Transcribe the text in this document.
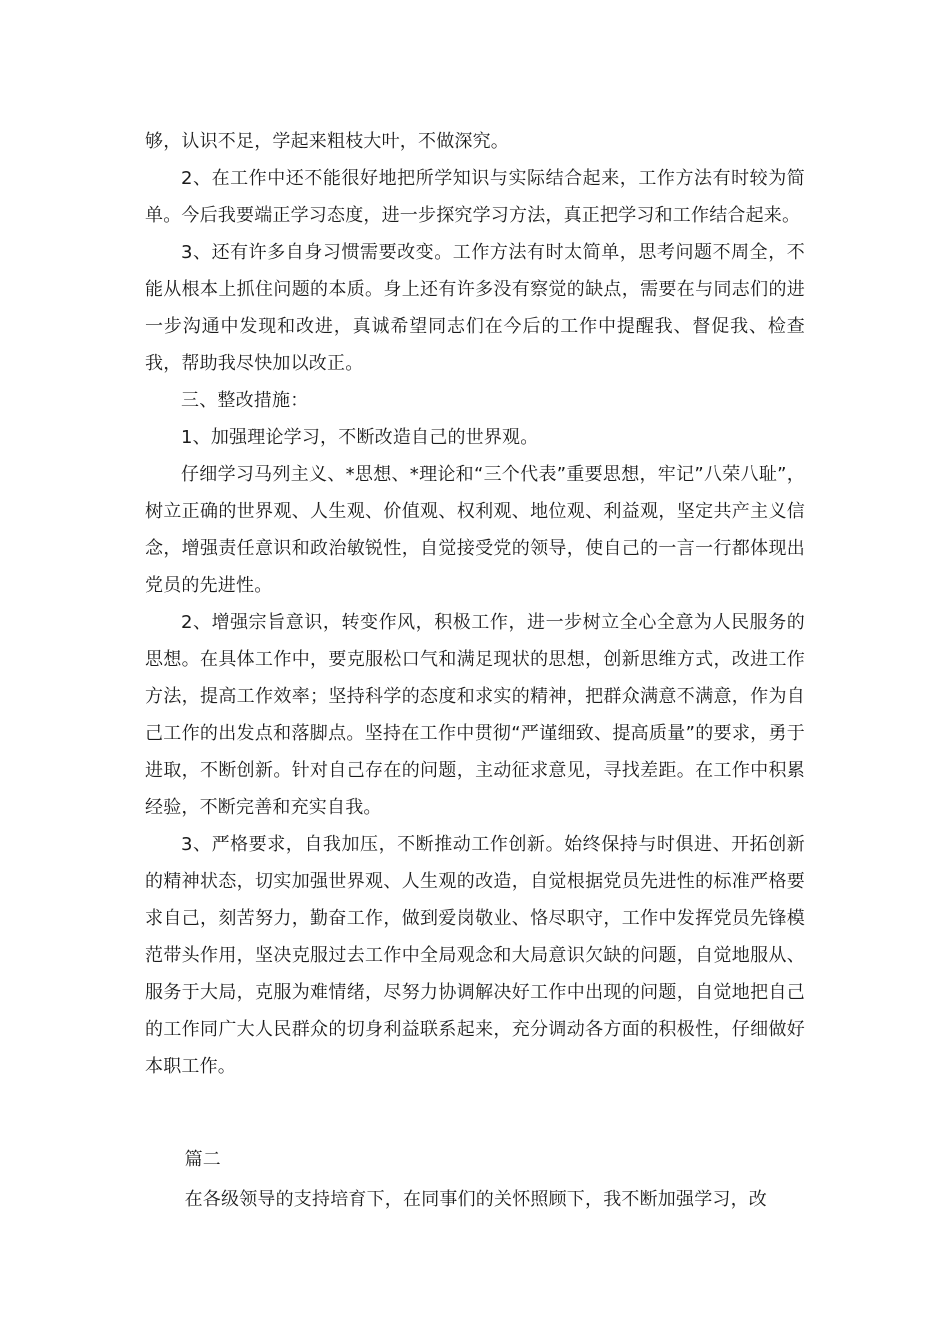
够，认识不足，学起来粗枝大叶，不做深究。

2、在工作中还不能很好地把所学知识与实际结合起来，工作方法有时较为简单。今后我要端正学习态度，进一步探究学习方法，真正把学习和工作结合起来。

3、还有许多自身习惯需要改变。工作方法有时太简单，思考问题不周全，不能从根本上抓住问题的本质。身上还有许多没有察觉的缺点，需要在与同志们的进一步沟通中发现和改进，真诚希望同志们在今后的工作中提醒我、督促我、检查我，帮助我尽快加以改正。

三、整改措施：

1、加强理论学习，不断改造自己的世界观。

仔细学习马列主义、*思想、*理论和“三个代表”重要思想，牢记”八荣八耻”，树立正确的世界观、人生观、价值观、权利观、地位观、利益观，坚定共产主义信念，增强责任意识和政治敏锐性，自觉接受党的领导，使自己的一言一行都体现出党员的先进性。

2、增强宗旨意识，转变作风，积极工作，进一步树立全心全意为人民服务的思想。在具体工作中，要克服松口气和满足现状的思想，创新思维方式，改进工作方法，提高工作效率；坚持科学的态度和求实的精神，把群众满意不满意，作为自己工作的出发点和落脚点。坚持在工作中贯彻“严谨细致、提高质量”的要求，勇于进取，不断创新。针对自己存在的问题，主动征求意见，寻找差距。在工作中积累经验，不断完善和充实自我。

3、严格要求，自我加压，不断推动工作创新。始终保持与时俱进、开拓创新的精神状态，切实加强世界观、人生观的改造，自觉根据党员先进性的标准严格要求自己，刻苦努力，勤奋工作，做到爱岗敬业、恪尽职守，工作中发挥党员先锋模范带头作用，坚决克服过去工作中全局观念和大局意识欠缺的问题，自觉地服从、服务于大局，克服为难情绪，尽努力协调解决好工作中出现的问题，自觉地把自己的工作同广大人民群众的切身利益联系起来，充分调动各方面的积极性，仔细做好本职工作。

篇二

在各级领导的支持培育下，在同事们的关怀照顾下，我不断加强学习，改
